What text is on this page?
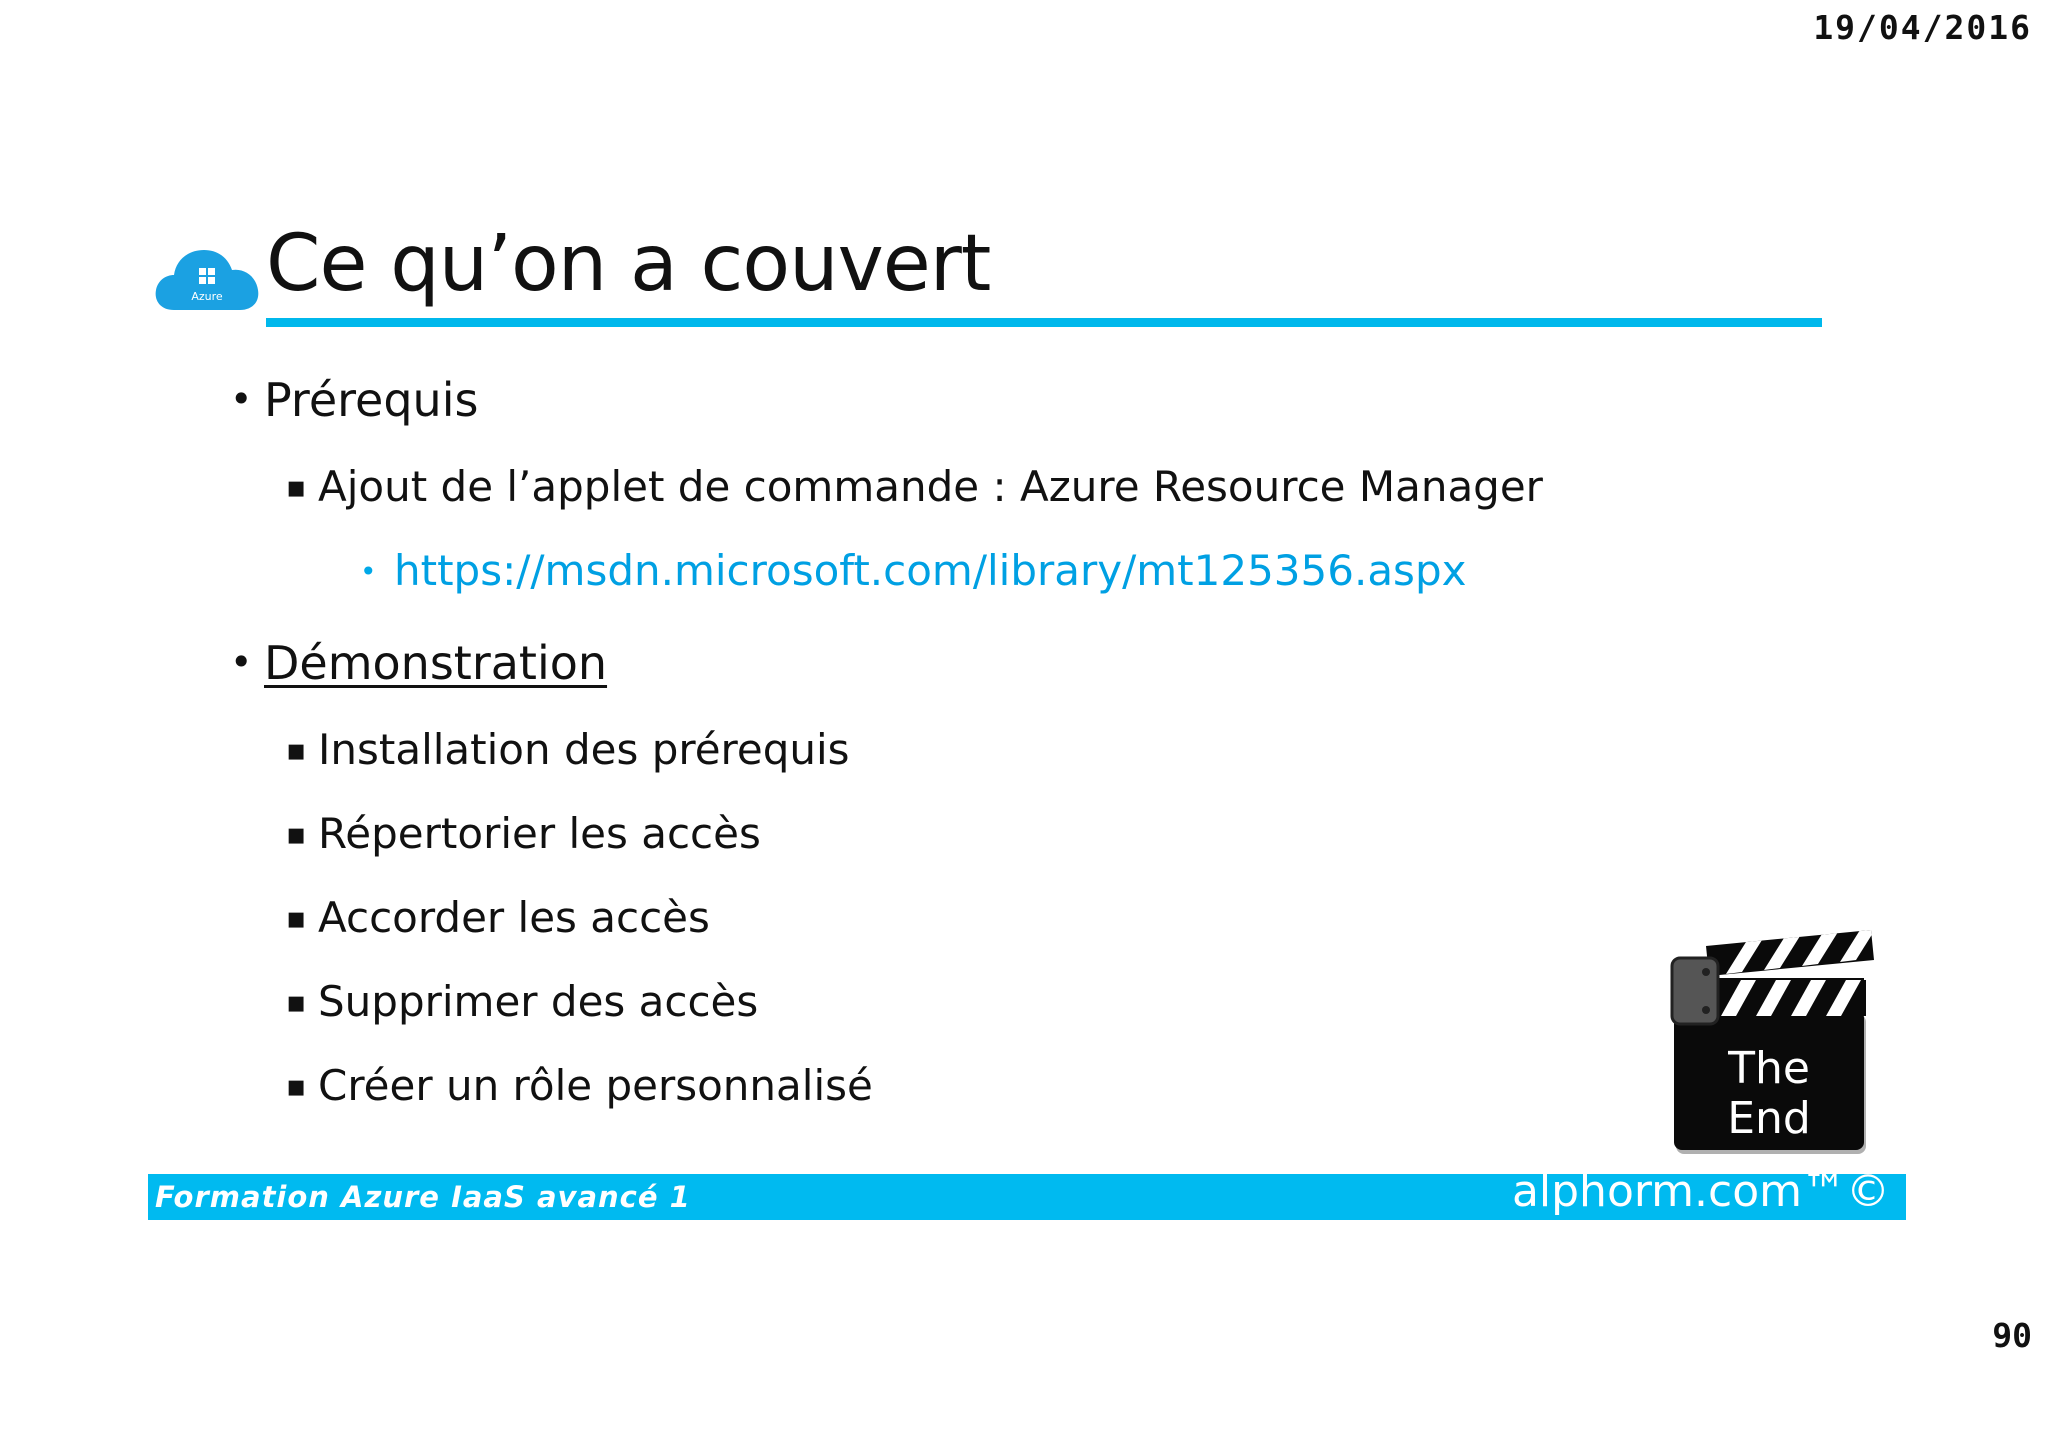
19/04/2016
Azure Ce qu’on a couvert
• Prérequis
▪ Ajout de l’applet de commande : Azure Resource Manager
• https://msdn.microsoft.com/library/mt125356.aspx
• Démonstration
▪ Installation des prérequis
▪ Répertorier les accès
▪ Accorder les accès
▪ Supprimer des accès
▪ Créer un rôle personnalisé	The
End
Formation Azure IaaS avancé 1	alphorm.com™©
90
